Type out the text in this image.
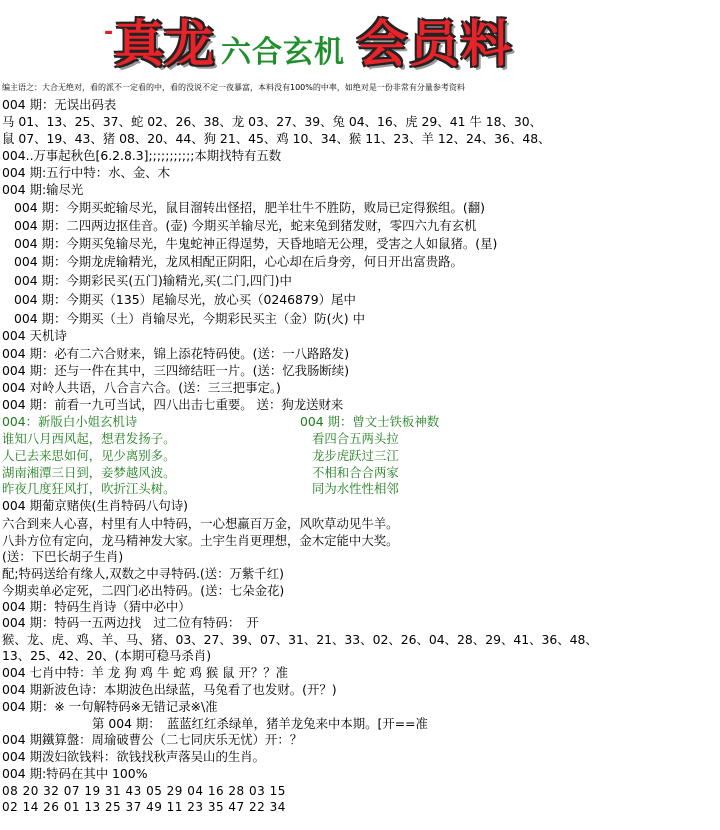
- 真龙 六合玄机 会员料
编主语之：大合无绝对，看的派不一定看的中，看的没说不定一夜暴富，本料没有100%的中率，如绝对是一份非常有分量参考资料
004 期：无误出码表
马 01、13、25、37、蛇 02、26、38、龙 03、27、39、兔 04、16、虎 29、41 牛 18、30、
鼠 07、19、43、猪 08、20、44、狗 21、45、鸡 10、34、猴 11、23、羊 12、24、36、48、
004..万事起秋色[6.2.8.3];;;;;;;;;;;本期找特有五数
004 期:五行中特：水、金、木
004 期:输尽光
004 期：今期买蛇输尽光，鼠目溜转出怪招，肥羊壮牛不胜防，败局已定得猴组。(翻)
004 期：二四两边抠佳音。(壶) 今期买羊输尽光，蛇来兔到猪发财，零四六九有玄机
004 期：今期买兔输尽光，牛鬼蛇神正得逞势，天昏地暗无公理，受害之人如鼠猪。(星)
004 期：今期龙虎输精光，龙凤相配正阴阳，心心却在后身旁，何日开出富贵路。
004 期：今期彩民买(五门)输精光,买(二门,四门)中
004 期：今期买（135）尾输尽光，放心买（0246879）尾中
004 期：今期买（土）肖输尽光，今期彩民买主（金）防(火) 中
004 天机诗
004 期：必有二六合财来，锦上添花特码使。(送：一八路路发)
004 期：还与一件在其中，三四缔结旺一片。(送：忆我肠断续)
004 对岭人共语，八合言六合。(送：三三把事定。)
004 期：前看一九可当试，四八出击七重要。 送：狗龙送财来
004：新版白小姐玄机诗	004 期：曾文士铁板神数
谁知八月西风起，想君发扬子。	看四合五两头拉
人已去来思如何，见少离别多。	龙步虎跃过三江
湖南湘潭三日到，妾梦越风波。	不相和合合两家
昨夜几度狂风打，吹折江头树。	同为水性性相邻
004 期葡京赌侠(生肖特码八句诗)
六合到来人心喜，村里有人中特码，一心想羸百万金，风吹草动见牛羊。
八卦方位有定向，龙马精神发大家。土宇生肖更理想，金木定能中大奖。
(送：下巴长胡子生肖)
配;特码送给有缘人,双数之中寻特码.(送：万紫千红)
今期卖单必定死，二四门必出特码。(送：七朵金花)
004 期：特码生肖诗（猜中必中）
004 期：特码一五两边找　过二位有特码：　开
猴、龙、虎、鸡、羊、马、猪、03、27、39、07、31、21、33、02、26、04、28、29、41、36、48、
13、25、42、20、(本期可稳马杀肖)
004 七肖中特：羊 龙 狗 鸡 牛 蛇 鸡 猴 鼠 开？？准
004 期新波色诗：本期波色出绿蓝，马兔看了也发财。(开？)
004 期：※ 一句解特码※无错记录※\准
第 004 期：　蓝蓝红红杀绿单，猪羊龙兔来中本期。[开==准
004 期鐵算盤：周瑜破曹公（二七同庆乐无忧）开：？
004 期泼妇欲钱料：欲钱找秋声落吴山的生肖。
004 期:特码在其中 100%
08 20 32 07 19 31 43 05 29 04 16 28 03 15
02 14 26 01 13 25 37 49 11 23 35 47 22 34
